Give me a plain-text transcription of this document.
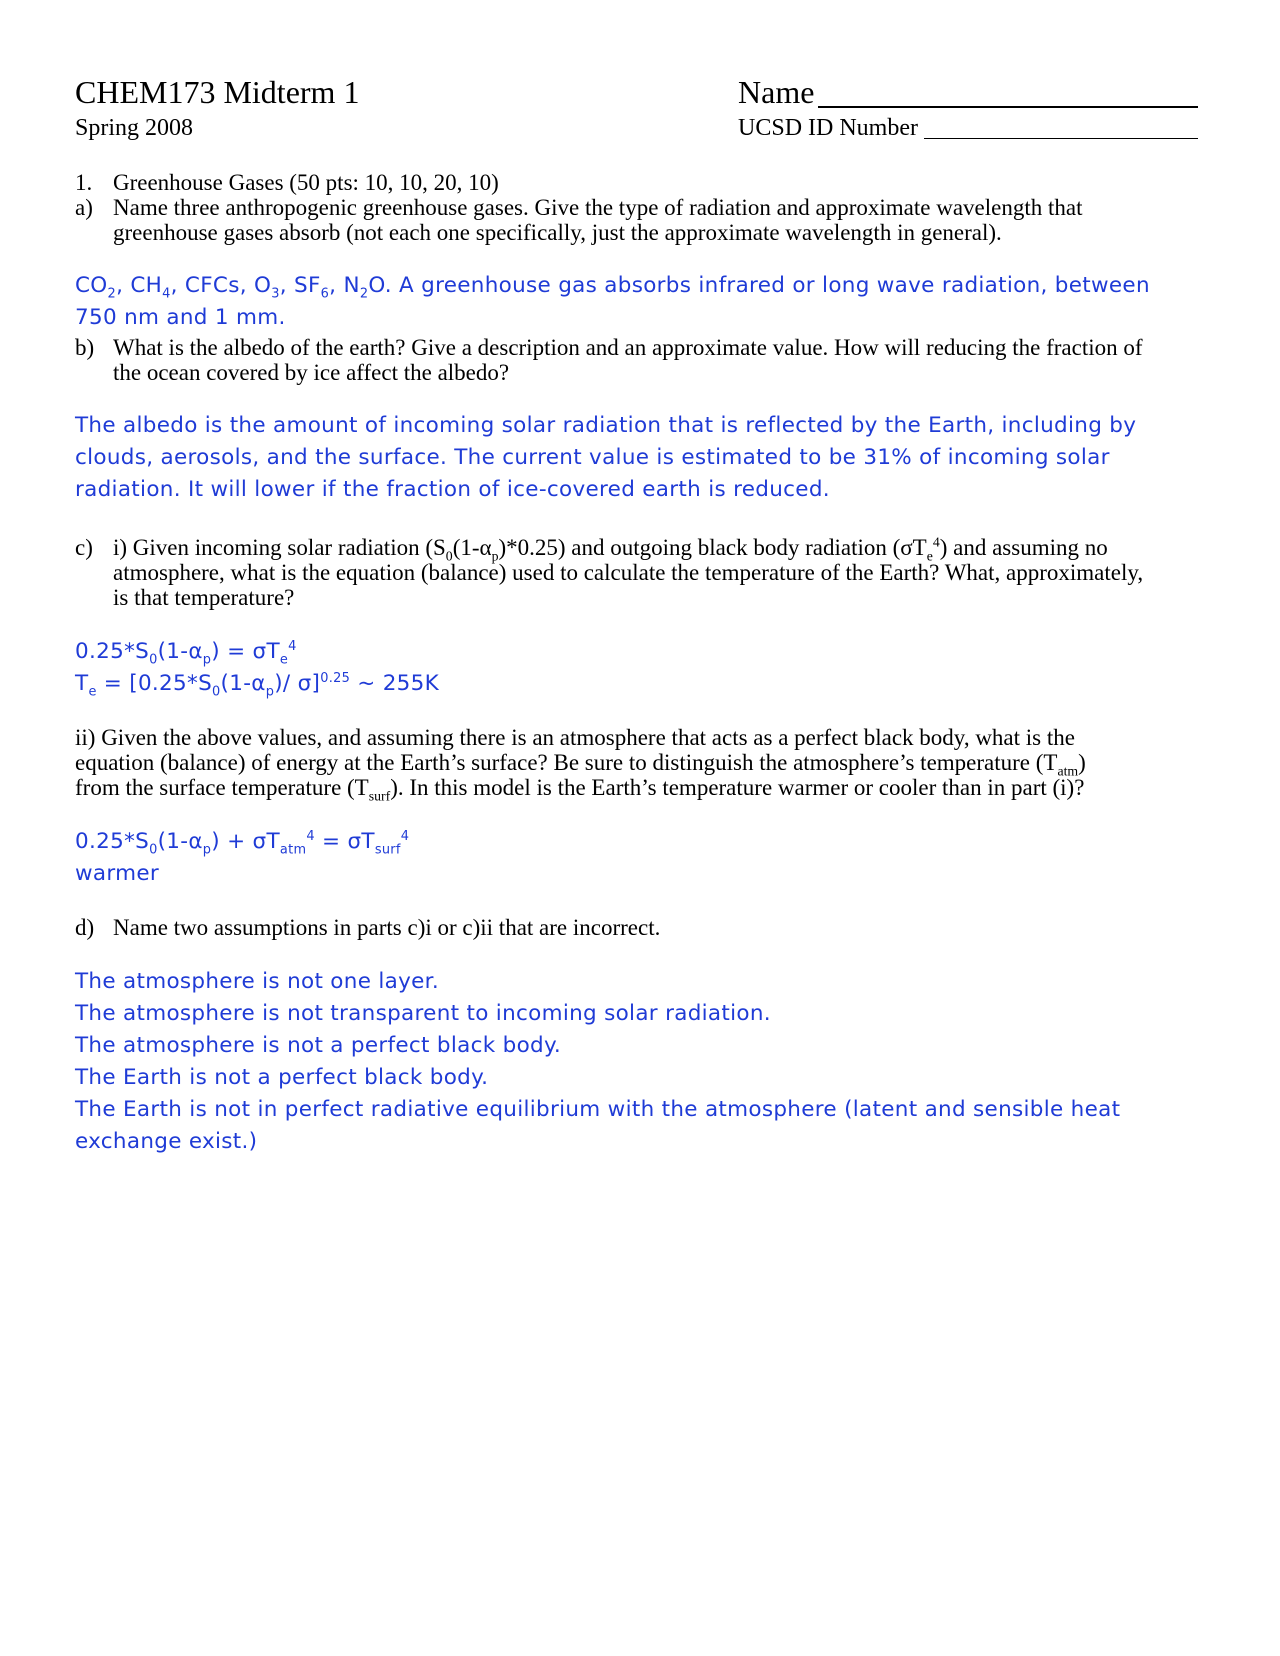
CHEM173 Midterm 1
Spring 2008
Name
UCSD ID Number
1. Greenhouse Gases (50 pts: 10, 10, 20, 10)
a) Name three anthropogenic greenhouse gases. Give the type of radiation and approximate wavelength that
greenhouse gases absorb (not each one specifically, just the approximate wavelength in general).
$CO_2$, $CH_4$, CFCs, $O_3$, $SF_6$, $N_2O$. A greenhouse gas absorbs infrared or long wave radiation, between
750 nm and 1 mm.
b) What is the albedo of the earth? Give a description and an approximate value. How will reducing the fraction of
the ocean covered by ice affect the albedo?
The albedo is the amount of incoming solar radiation that is reflected by the Earth, including by
clouds, aerosols, and the surface. The current value is estimated to be 31% of incoming solar
radiation. It will lower if the fraction of ice-covered earth is reduced.
c) i) Given incoming solar radiation $(S_0(1-\alpha_p)*0.25)$ and outgoing black body radiation $(\sigma T_e^4)$ and assuming no
atmosphere, what is the equation (balance) used to calculate the temperature of the Earth? What, approximately,
is that temperature?
$0.25*S_0(1-\alpha_p) = \sigma T_e^4$
$T_e = [0.25*S_0(1-\alpha_p)/$ σ]$^{0.25}$ ~ 255K
ii) Given the above values, and assuming there is an atmosphere that acts as a perfect black body, what is the
equation (balance) of energy at the Earth’s surface? Be sure to distinguish the atmosphere’s temperature $(T_{atm})$
from the surface temperature $(T_{surf})$. In this model is the Earth’s temperature warmer or cooler than in part (i)?
$0.25*S_0(1-\alpha_p) + \sigma T_{atm}^4 = \sigma T_{surf}^4$
warmer
d) Name two assumptions in parts c)i or c)ii that are incorrect.
The atmosphere is not one layer.
The atmosphere is not transparent to incoming solar radiation.
The atmosphere is not a perfect black body.
The Earth is not a perfect black body.
The Earth is not in perfect radiative equilibrium with the atmosphere (latent and sensible heat
exchange exist.)
